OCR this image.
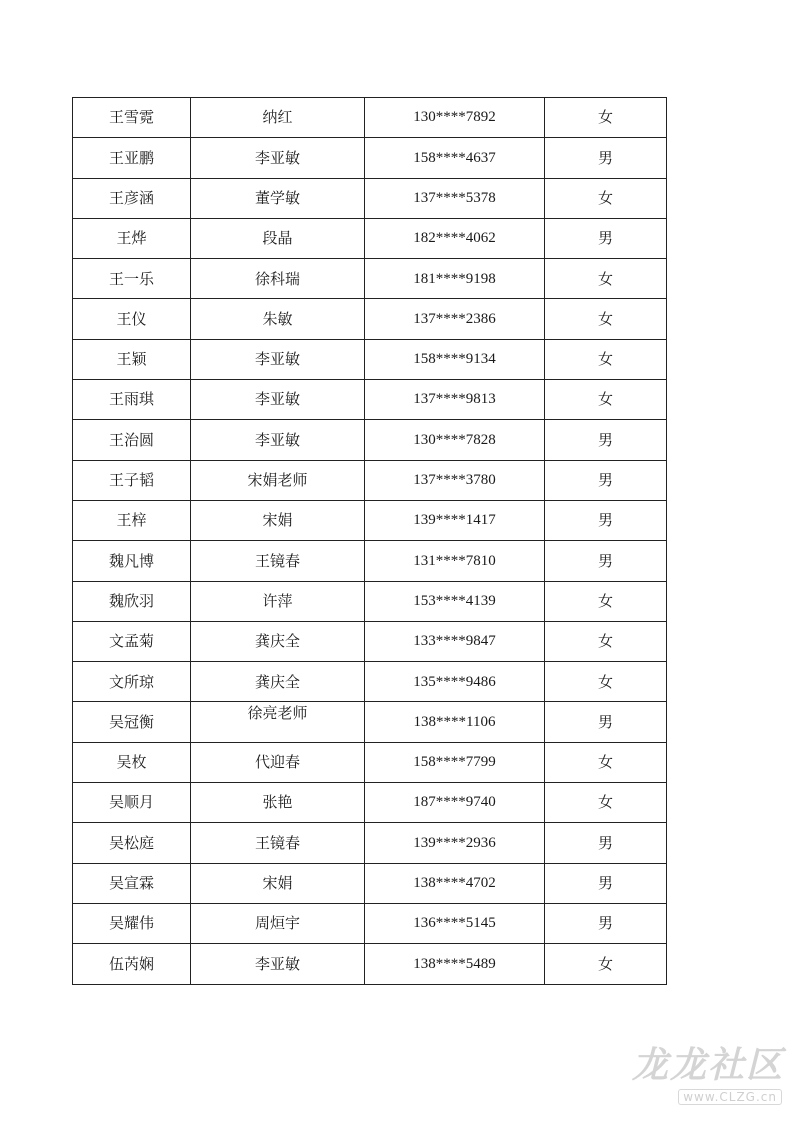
王雪霓	纳红	130****7892	女
王亚鹏	李亚敏	158****4637	男
王彦涵	董学敏	137****5378	女
王烨	段晶	182****4062	男
王一乐	徐科瑞	181****9198	女
王仪	朱敏	137****2386	女
王颖	李亚敏	158****9134	女
王雨琪	李亚敏	137****9813	女
王治圆	李亚敏	130****7828	男
王子韬	宋娟老师	137****3780	男
王梓	宋娟	139****1417	男
魏凡博	王镜春	131****7810	男
魏欣羽	许萍	153****4139	女
文孟菊	龚庆全	133****9847	女
文所琼	龚庆全	135****9486	女
吴冠衡	徐亮老师	138****1106	男
吴枚	代迎春	158****7799	女
吴顺月	张艳	187****9740	女
吴松庭	王镜春	139****2936	男
吴宣霖	宋娟	138****4702	男
吴耀伟	周烜宇	136****5145	男
伍芮娴	李亚敏	138****5489	女
龙龙社区
www.CLZG.cn
